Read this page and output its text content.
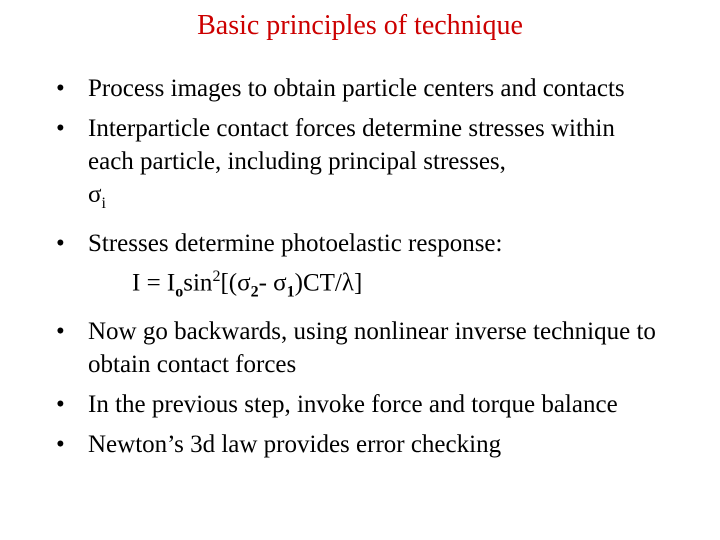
Basic principles of technique
• Process images to obtain particle centers and contacts
• Interparticle contact forces determine stresses within each particle, including principal stresses,
$\sigma_i$
• Stresses determine photoelastic response:
$I = I_o\sin^2[(\sigma_2-$ $\sigma_1)CT/\lambda$]
• Now go backwards, using nonlinear inverse technique to obtain contact forces
• In the previous step, invoke force and torque balance
• Newton’s 3d law provides error checking
